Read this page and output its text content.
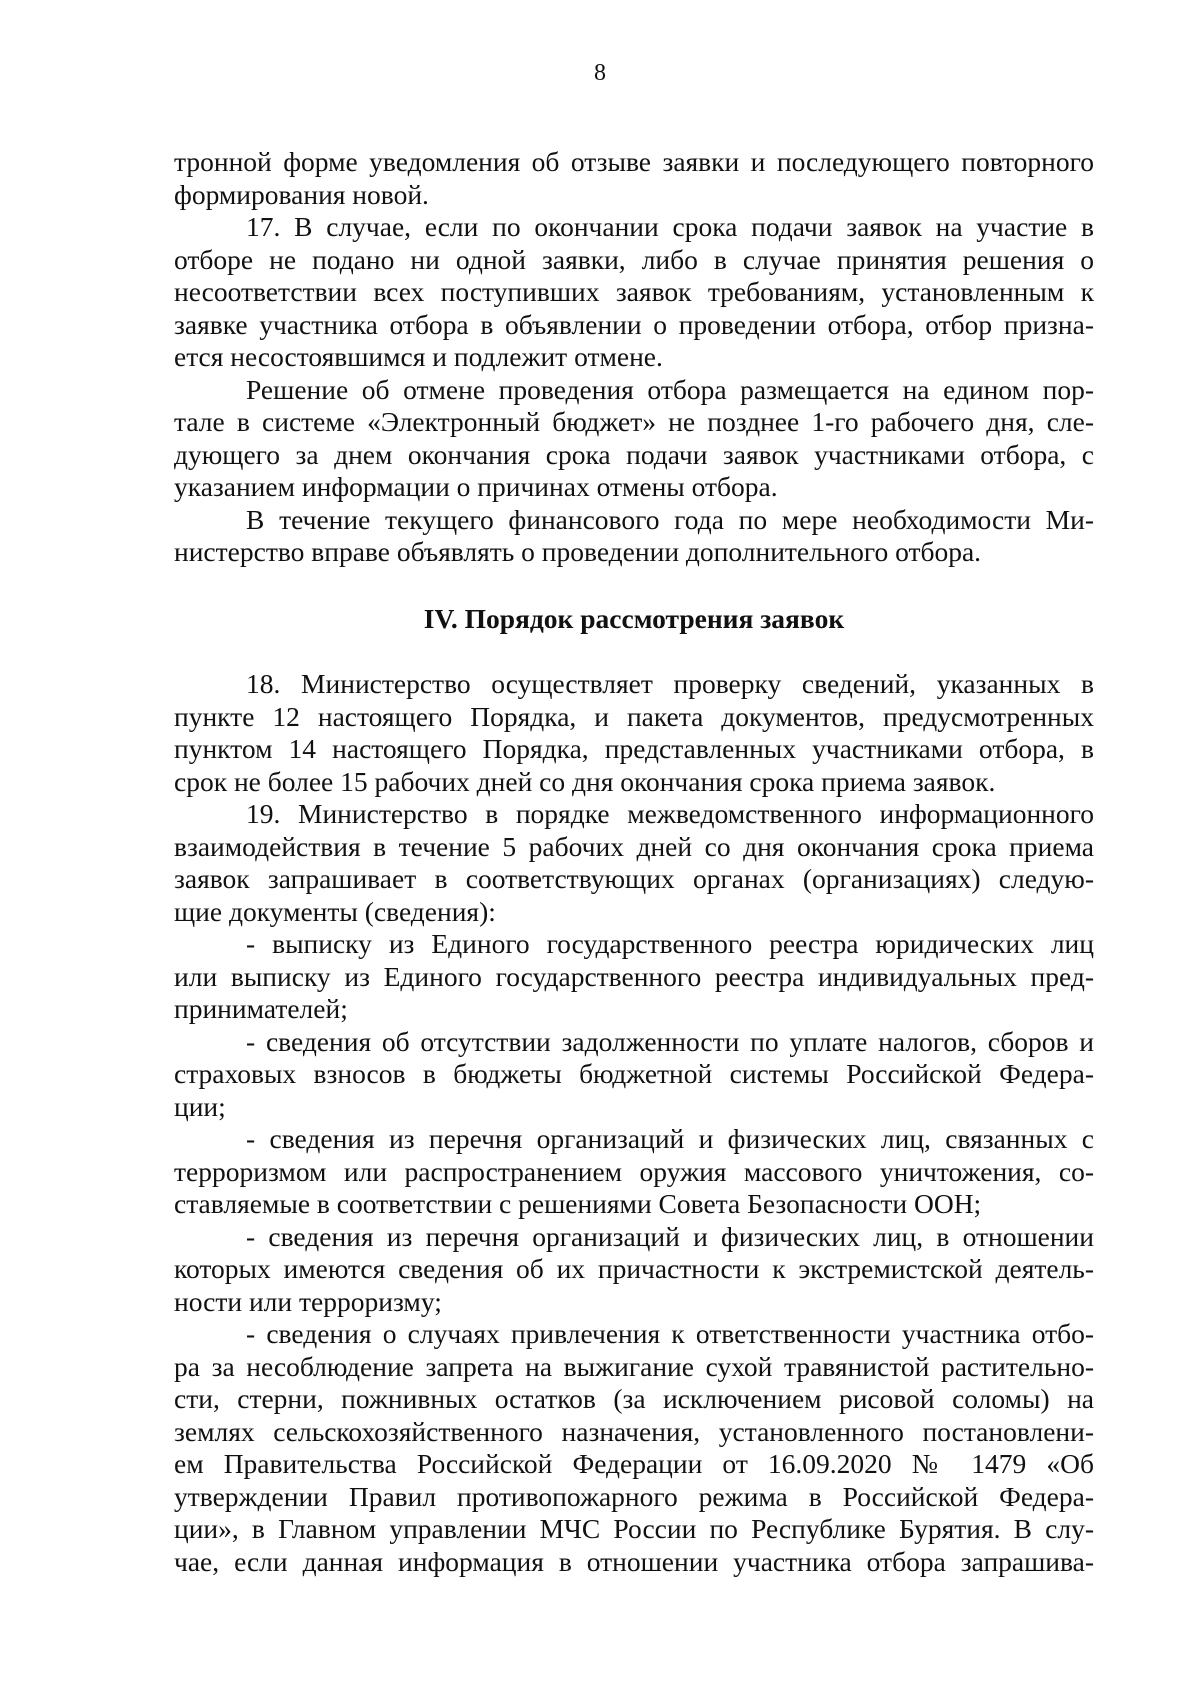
8

тронной форме уведомления об отзыве заявки и последующего повторного

формирования новой.

17. В случае, если по окончании срока подачи заявок на участие в

отборе не подано ни одной заявки, либо в случае принятия решения о

несоответствии всех поступивших заявок требованиям, установленным к

заявке участника отбора в объявлении о проведении отбора, отбор призна-

ется несостоявшимся и подлежит отмене.

Решение об отмене проведения отбора размещается на едином пор-

тале в системе «Электронный бюджет» не позднее 1-го рабочего дня, сле-

дующего за днем окончания срока подачи заявок участниками отбора, с

указанием информации о причинах отмены отбора.

В течение текущего финансового года по мере необходимости Ми-

нистерство вправе объявлять о проведении дополнительного отбора.

IV. Порядок рассмотрения заявок

18. Министерство осуществляет проверку сведений, указанных в

пункте 12 настоящего Порядка, и пакета документов, предусмотренных

пунктом 14 настоящего Порядка, представленных участниками отбора, в

срок не более 15 рабочих дней со дня окончания срока приема заявок.

19. Министерство в порядке межведомственного информационного

взаимодействия в течение 5 рабочих дней со дня окончания срока приема

заявок запрашивает в соответствующих органах (организациях) следую-

щие документы (сведения):

- выписку из Единого государственного реестра юридических лиц

или выписку из Единого государственного реестра индивидуальных пред-

принимателей;

- сведения об отсутствии задолженности по уплате налогов, сборов и

страховых взносов в бюджеты бюджетной системы Российской Федера-

ции;

- сведения из перечня организаций и физических лиц, связанных с

терроризмом или распространением оружия массового уничтожения, со-

ставляемые в соответствии с решениями Совета Безопасности ООН;

- сведения из перечня организаций и физических лиц, в отношении

которых имеются сведения об их причастности к экстремистской деятель-

ности или терроризму;

- сведения о случаях привлечения к ответственности участника отбо-

ра за несоблюдение запрета на выжигание сухой травянистой растительно-

сти, стерни, пожнивных остатков (за исключением рисовой соломы) на

землях сельскохозяйственного назначения, установленного постановлени-

ем Правительства Российской Федерации от 16.09.2020 № 1479 «Об

утверждении Правил противопожарного режима в Российской Федера-

ции», в Главном управлении МЧС России по Республике Бурятия. В слу-

чае, если данная информация в отношении участника отбора запрашива-
